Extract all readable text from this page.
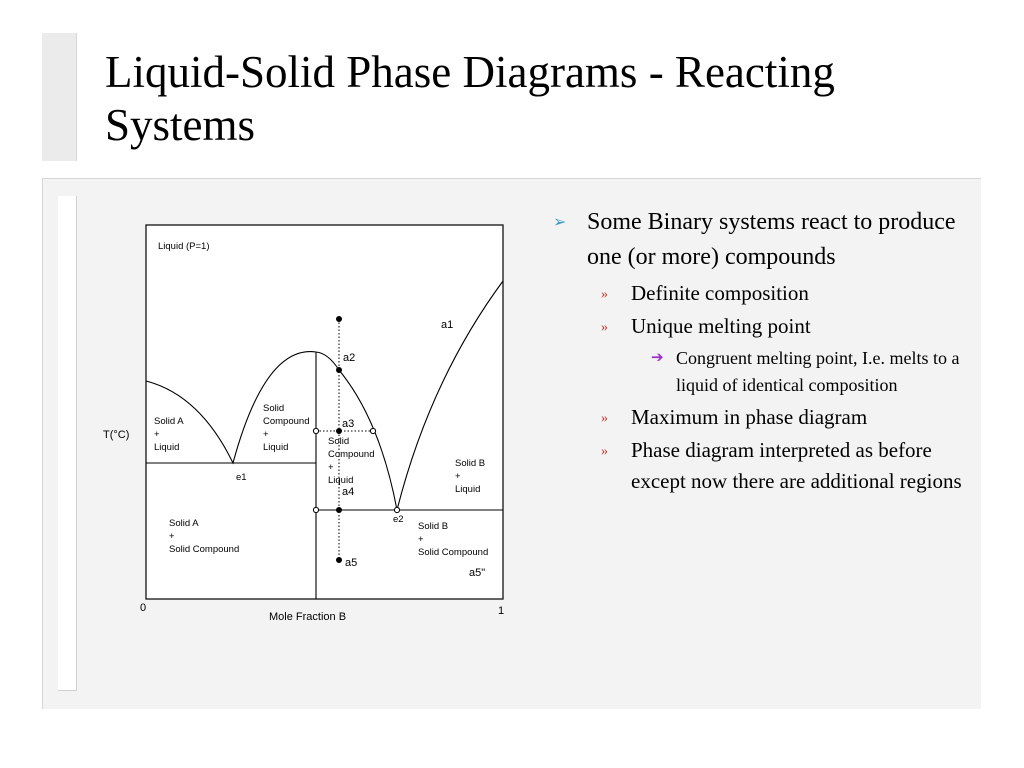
Liquid-Solid Phase Diagrams - Reacting Systems
Liquid (P=1)
Solid A
+
Liquid
Solid
Compound
+
Liquid
Solid
Compound
+
Liquid
Solid B
+
Liquid
Solid A
+
Solid Compound
Solid B
+
Solid Compound
a1
a2
a3
a4
a5
a5"
e1
e2
T(°C)
Mole Fraction B
0	1
➢ Some Binary systems react to produce one (or more) compounds
» Definite composition
» Unique melting point
➔ Congruent melting point, I.e. melts to a liquid of identical composition
» Maximum in phase diagram
» Phase diagram interpreted as before except now there are additional regions
